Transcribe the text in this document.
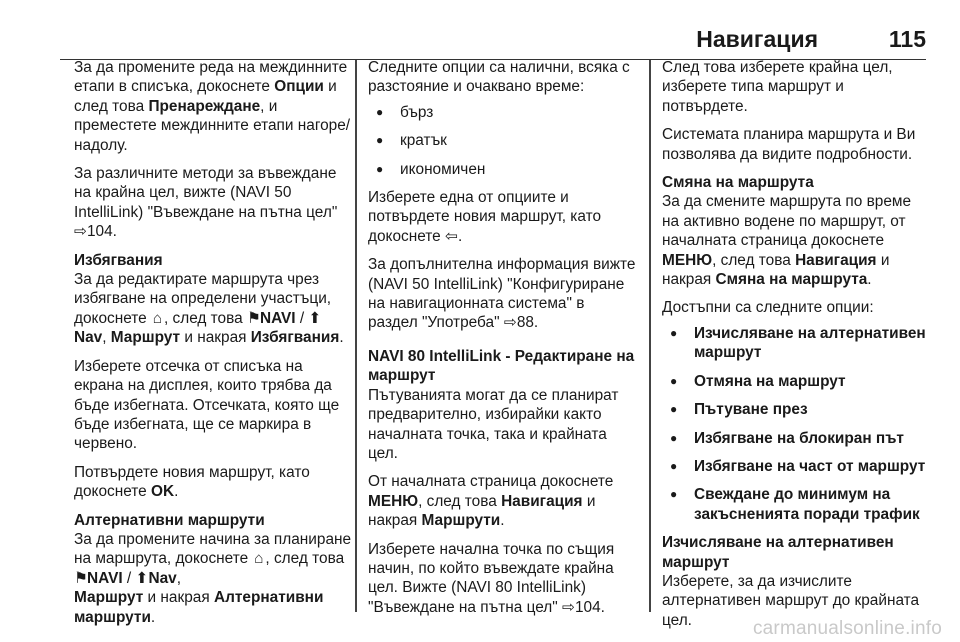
Навигация	115

За да промените реда на междинните етапи в списъка, докоснете Опции и след това Пренареждане, и преместете междинните етапи нагоре/надолу.

За различните методи за въвеждане на крайна цел, вижте (NAVI 50 IntelliLink) "Въвеждане на пътна цел" ⇨104.

Избягвания

За да редактирате маршрута чрез избягване на определени участъци, докоснете ⌂ , след това ⚑NAVI / ⬆Nav, Маршрут и накрая Избягвания.

Изберете отсечка от списъка на екрана на дисплея, които трябва да бъде избегната. Отсечката, която ще бъде избегната, ще се маркира в червено.

Потвърдете новия маршрут, като докоснете OK.

Алтернативни маршрути

За да промените начина за планиране на маршрута, докоснете ⌂ , след това ⚑NAVI / ⬆Nav,
Маршрут и накрая Алтернативни маршрути.

Следните опции са налични, всяка с разстояние и очаквано време:

● бърз
● кратък
● икономичен

Изберете една от опциите и потвърдете новия маршрут, като докоснете ⇦.

За допълнителна информация вижте (NAVI 50 IntelliLink) "Конфигуриране на навигационната система" в раздел "Употреба" ⇨88.

NAVI 80 IntelliLink - Редактиране на маршрут

Пътуванията могат да се планират предварително, избирайки както началната точка, така и крайната цел.

От началната страница докоснете МЕНЮ, след това Навигация и накрая Маршрути.

Изберете начална точка по същия начин, по който въвеждате крайна цел. Вижте (NAVI 80 IntelliLink) "Въвеждане на пътна цел" ⇨104.

След това изберете крайна цел, изберете типа маршрут и потвърдете.

Системата планира маршрута и Ви позволява да видите подробности.

Смяна на маршрута

За да смените маршрута по време на активно водене по маршрут, от началната страница докоснете МЕНЮ, след това Навигация и накрая Смяна на маршрута.

Достъпни са следните опции:

● Изчисляване на алтернативен маршрут
● Отмяна на маршрут
● Пътуване през
● Избягване на блокиран път
● Избягване на част от маршрут
● Свеждане до минимум на закъсненията поради трафик

Изчисляване на алтернативен маршрут

Изберете, за да изчислите алтернативен маршрут до крайната цел.	carmanualsonline.info
